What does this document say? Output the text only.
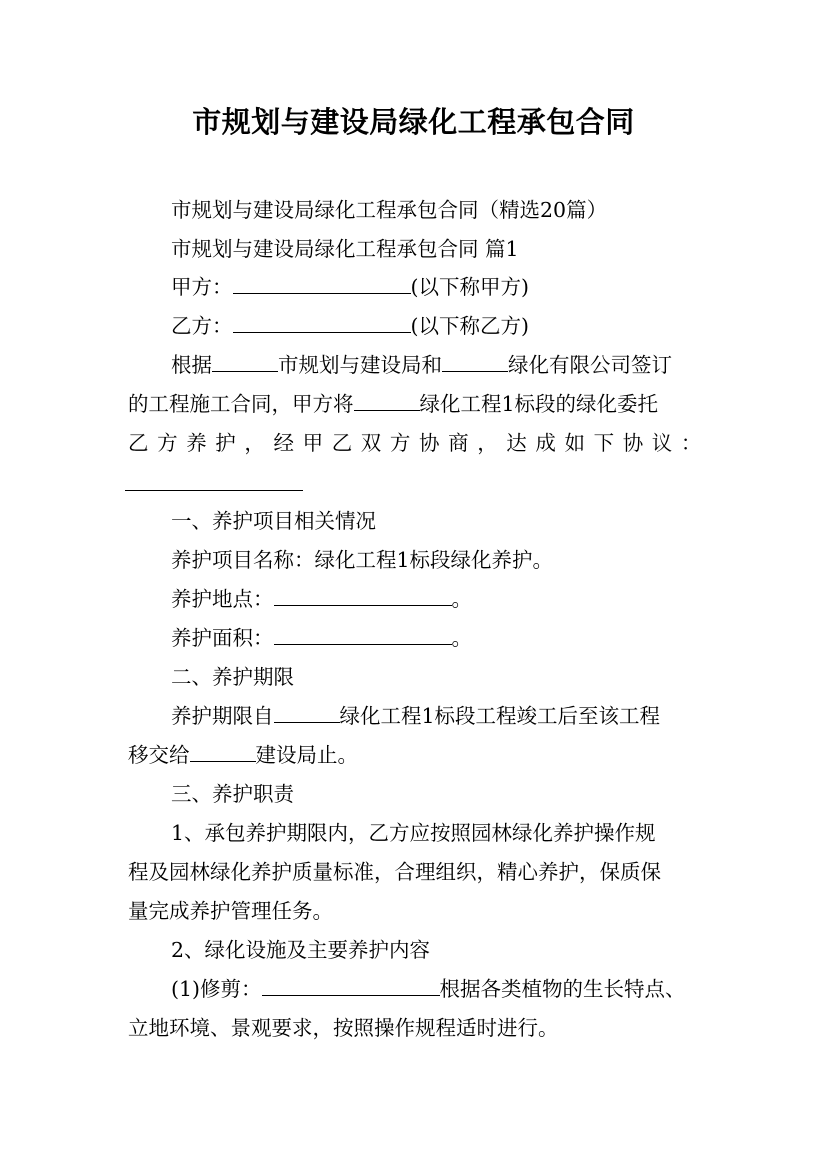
市规划与建设局绿化工程承包合同
市规划与建设局绿化工程承包合同（精选20篇）
市规划与建设局绿化工程承包合同 篇1
甲方：	(以下称甲方)
乙方：	(以下称乙方)
根据	市规划与建设局和	绿化有限公司签订
的工程施工合同，甲方将	绿化工程1标段的绿化委托
乙方养护，经甲乙双方协商，达成如下协议：
一、养护项目相关情况
养护项目名称：绿化工程1标段绿化养护。
养护地点：	。
养护面积：	。
二、养护期限
养护期限自	绿化工程1标段工程竣工后至该工程
移交给	建设局止。
三、养护职责
1、承包养护期限内，乙方应按照园林绿化养护操作规
程及园林绿化养护质量标准，合理组织，精心养护，保质保
量完成养护管理任务。
2、绿化设施及主要养护内容
(1)修剪：	根据各类植物的生长特点、
立地环境、景观要求，按照操作规程适时进行。
